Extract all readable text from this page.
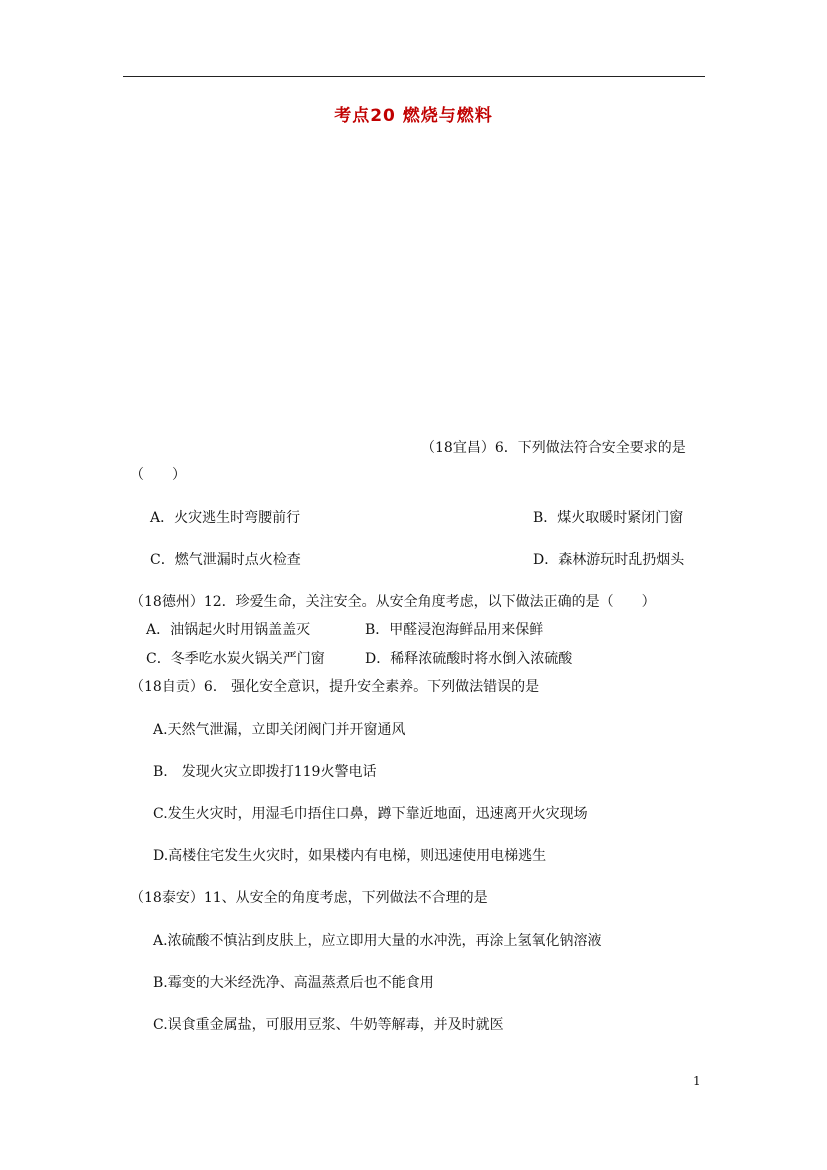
考点20 燃烧与燃料
（18宜昌）6．下列做法符合安全要求的是
（　　）
A．火灾逃生时弯腰前行	B．煤火取暖时紧闭门窗
C．燃气泄漏时点火检查	D．森林游玩时乱扔烟头
（18德州）12．珍爱生命，关注安全。从安全角度考虑，以下做法正确的是（　　）
A．油锅起火时用锅盖盖灭	B．甲醛浸泡海鲜品用来保鲜
C．冬季吃水炭火锅关严门窗	D．稀释浓硫酸时将水倒入浓硫酸
（18自贡）6.　强化安全意识，提升安全素养。下列做法错误的是
A.天然气泄漏，立即关闭阀门并开窗通风
B.　发现火灾立即拨打119火警电话
C.发生火灾时，用湿毛巾捂住口鼻，蹲下靠近地面，迅速离开火灾现场
D.高楼住宅发生火灾时，如果楼内有电梯，则迅速使用电梯逃生
（18泰安）11、从安全的角度考虑，下列做法不合理的是
A.浓硫酸不慎沾到皮肤上，应立即用大量的水冲洗，再涂上氢氧化钠溶液
B.霉变的大米经洗净、高温蒸煮后也不能食用
C.误食重金属盐，可服用豆浆、牛奶等解毒，并及时就医
1
